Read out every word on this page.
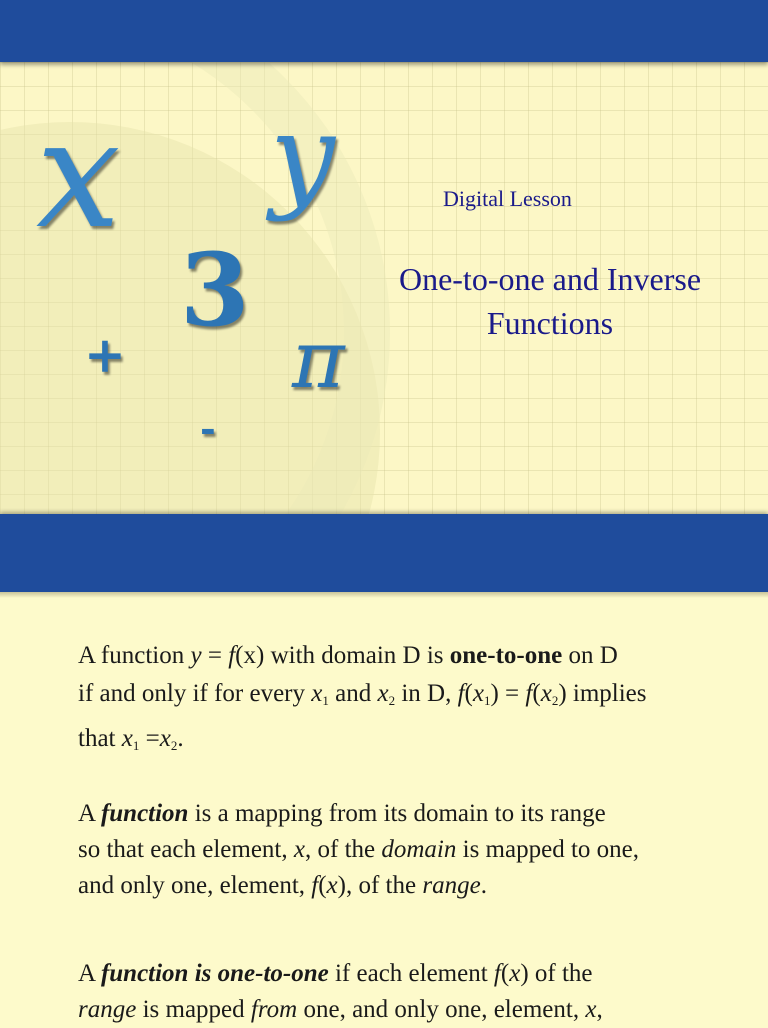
x y
3
+ π
-
Digital Lesson
One-to-one and Inverse
Functions
A function y = f(x) with domain D is one-to-one on D
if and only if for every $x_1$ and $x_2$ in D, $f(x_1) = f(x_2)$ implies
that $x_1 =x_2$.
A function is a mapping from its domain to its range
so that each element, x, of the domain is mapped to one,
and only one, element, f(x), of the range.
A function is one-to-one if each element f(x) of the
range is mapped from one, and only one, element, x,
